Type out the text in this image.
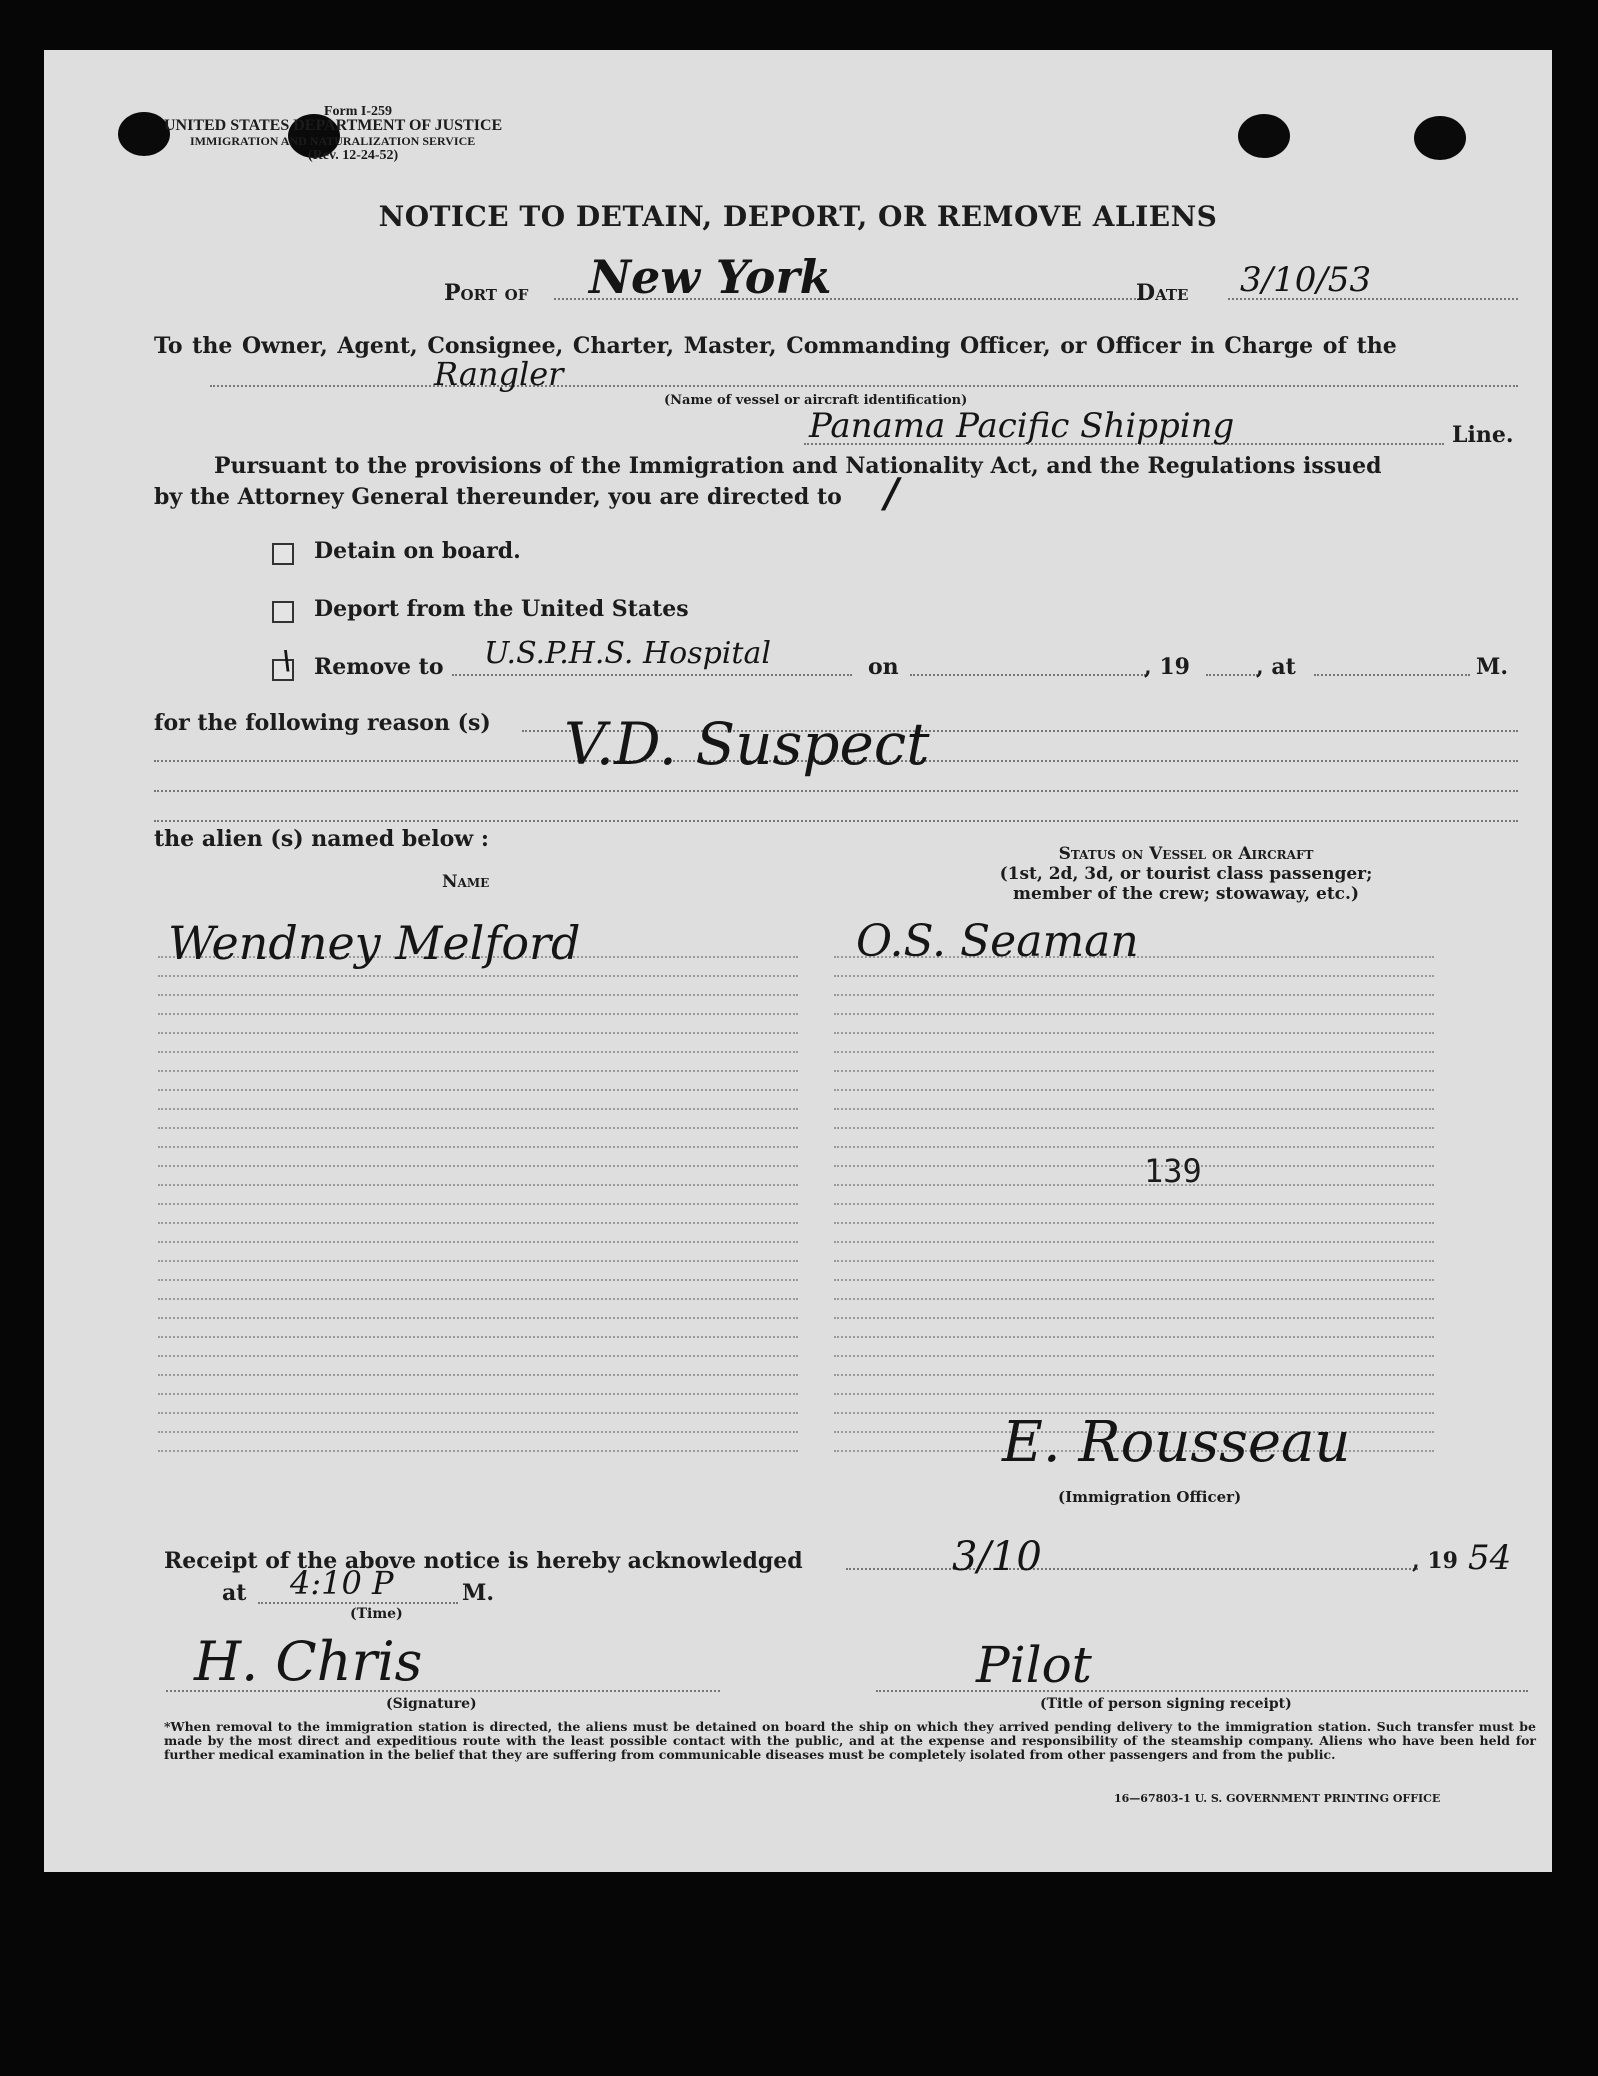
Form I-259
UNITED STATES DEPARTMENT OF JUSTICE
IMMIGRATION AND NATURALIZATION SERVICE
(Rev. 12-24-52)
NOTICE TO DETAIN, DEPORT, OR REMOVE ALIENS
Port of New York	Date 3/10/53
To the Owner, Agent, Consignee, Charter, Master, Commanding Officer, or Officer in Charge of the
Rangler
(Name of vessel or aircraft identification)
Panama Pacific Shipping	Line.
Pursuant to the provisions of the Immigration and Nationality Act, and the Regulations issued
by the Attorney General thereunder, you are directed to /
Detain on board.
Deport from the United States
\ Remove to U.S.P.H.S. Hospital	on	, 19	, at	M.
for the following reason (s) V.D. Suspect
the alien (s) named below :
Name
Status on Vessel or Aircraft
(1st, 2d, 3d, or tourist class passenger;
member of the crew; stowaway, etc.)
Wendney Melford	O.S. Seaman
139
E. Rousseau
(Immigration Officer)
Receipt of the above notice is hereby acknowledged	3/10	, 19 54
at 4:10 P	M.
(Time)
H. Chris
(Signature)
Pilot
(Title of person signing receipt)
*When removal to the immigration station is directed, the aliens must be detained on board the ship on which they arrived pending delivery to the immigration station. Such transfer must be made by the most direct and expeditious route with the least possible contact with the public, and at the expense and responsibility of the steamship company. Aliens who have been held for further medical examination in the belief that they are suffering from communicable diseases must be completely isolated from other passengers and from the public.
16—67803-1 U. S. GOVERNMENT PRINTING OFFICE
